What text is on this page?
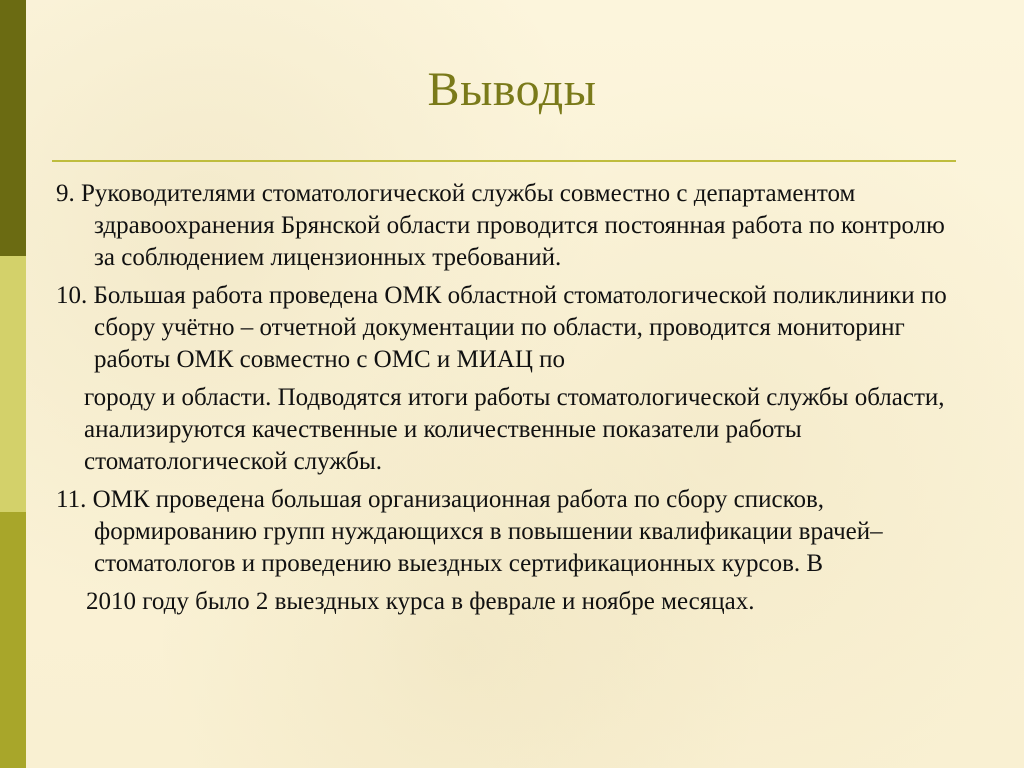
Выводы

9. Руководителями стоматологической службы совместно с департаментом здравоохранения Брянской области проводится постоянная работа по контролю за соблюдением лицензионных требований.

10. Большая работа проведена ОМК областной стоматологической поликлиники по сбору учётно – отчетной документации по области, проводится мониторинг работы ОМК совместно с ОМС и МИАЦ по

городу и области. Подводятся итоги работы стоматологической службы области, анализируются качественные и количественные показатели работы стоматологической службы.

11. ОМК проведена большая организационная работа по сбору списков, формированию групп нуждающихся в повышении квалификации врачей– стоматологов и проведению выездных сертификационных курсов. В

2010 году было 2 выездных курса в феврале и ноябре месяцах.
